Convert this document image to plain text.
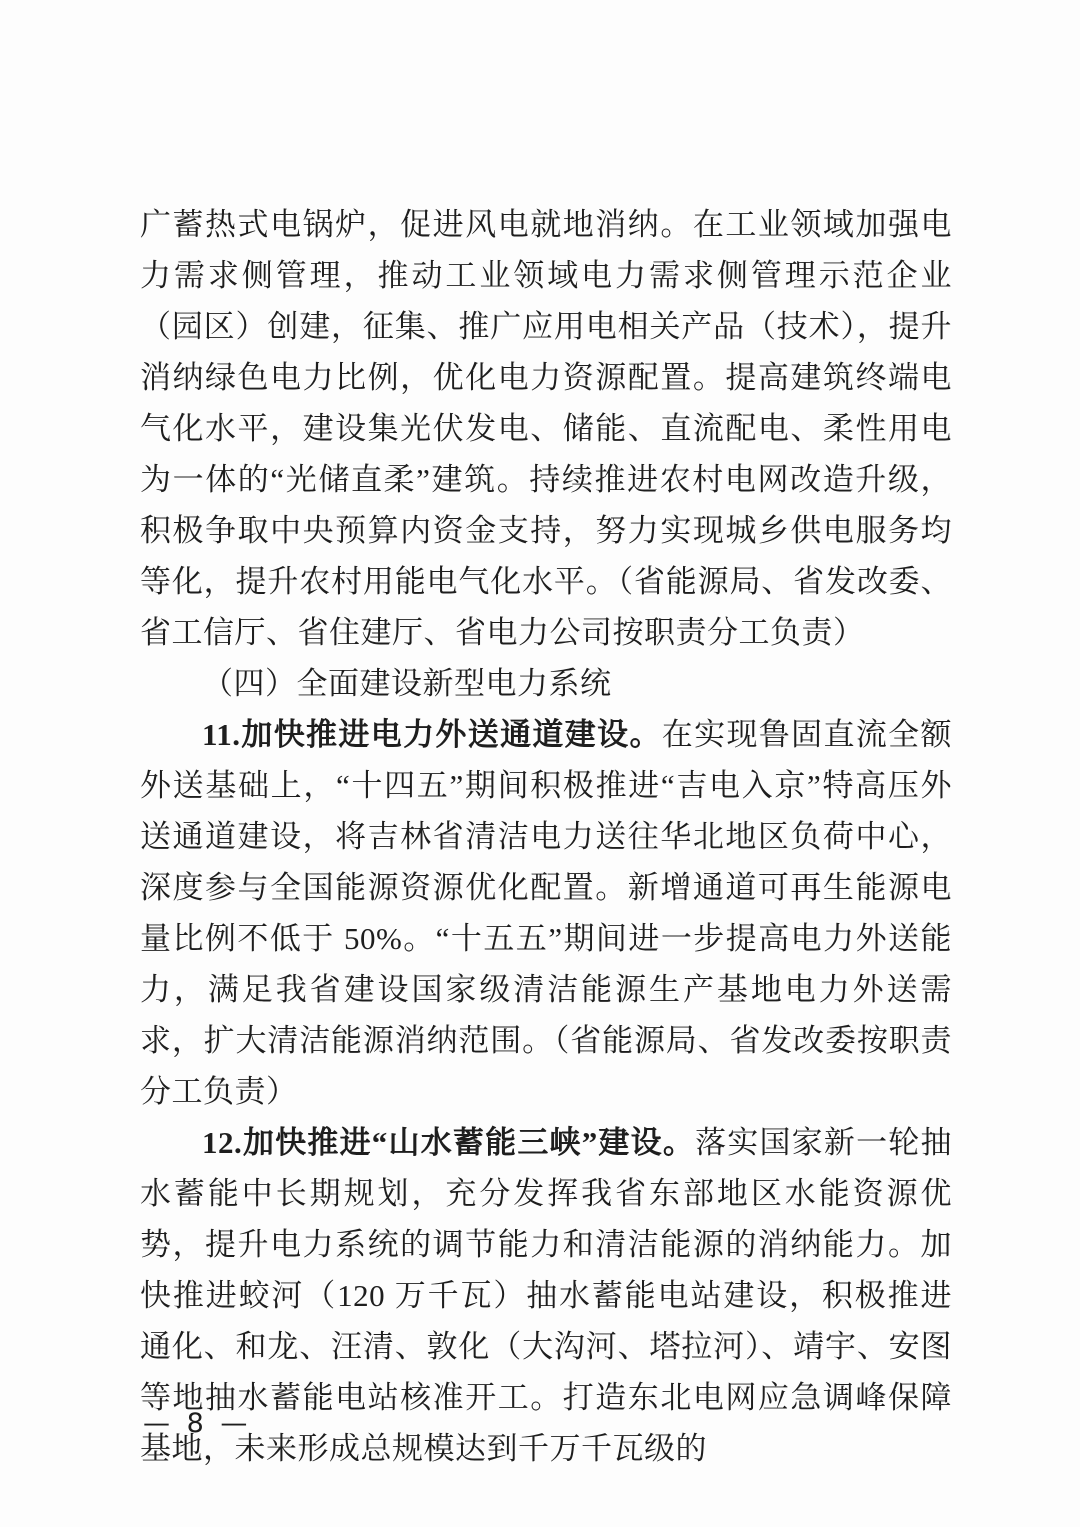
广蓄热式电锅炉，促进风电就地消纳。在工业领域加强电力需求侧管理，推动工业领域电力需求侧管理示范企业（园区）创建，征集、推广应用电相关产品（技术），提升消纳绿色电力比例，优化电力资源配置。提高建筑终端电气化水平，建设集光伏发电、储能、直流配电、柔性用电为一体的“光储直柔”建筑。持续推进农村电网改造升级，积极争取中央预算内资金支持，努力实现城乡供电服务均等化，提升农村用能电气化水平。（省能源局、省发改委、省工信厅、省住建厅、省电力公司按职责分工负责）

（四）全面建设新型电力系统

11.加快推进电力外送通道建设。在实现鲁固直流全额外送基础上，“十四五”期间积极推进“吉电入京”特高压外送通道建设，将吉林省清洁电力送往华北地区负荷中心，深度参与全国能源资源优化配置。新增通道可再生能源电量比例不低于 50%。“十五五”期间进一步提高电力外送能力，满足我省建设国家级清洁能源生产基地电力外送需求，扩大清洁能源消纳范围。（省能源局、省发改委按职责分工负责）

12.加快推进“山水蓄能三峡”建设。落实国家新一轮抽水蓄能中长期规划，充分发挥我省东部地区水能资源优势，提升电力系统的调节能力和清洁能源的消纳能力。加快推进蛟河（120 万千瓦）抽水蓄能电站建设，积极推进通化、和龙、汪清、敦化（大沟河、塔拉河）、靖宇、安图等地抽水蓄能电站核准开工。打造东北电网应急调峰保障基地，未来形成总规模达到千万千瓦级的

— 8 —
